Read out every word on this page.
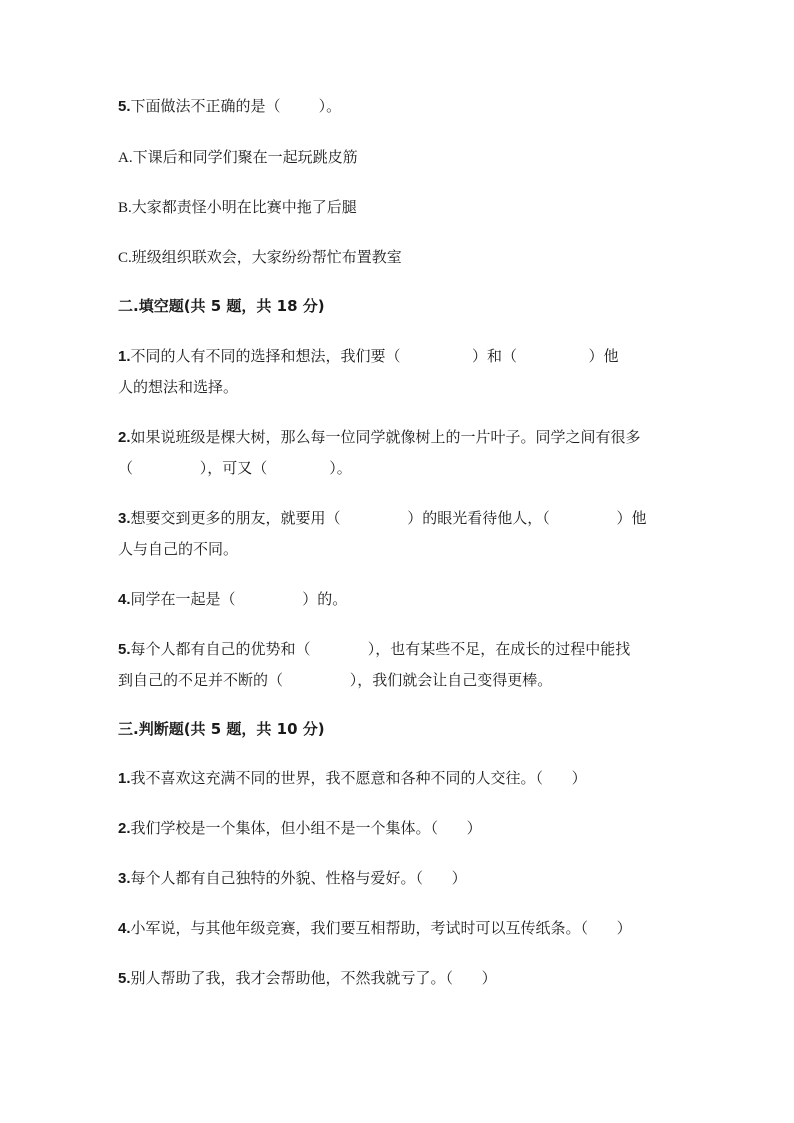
5.下面做法不正确的是（        ）。
A.下课后和同学们聚在一起玩跳皮筋
B.大家都责怪小明在比赛中拖了后腿
C.班级组织联欢会，大家纷纷帮忙布置教室
二.填空题(共 5 题，共 18 分)
1.不同的人有不同的选择和想法，我们要（               ）和（               ）他
人的想法和选择。
2.如果说班级是棵大树，那么每一位同学就像树上的一片叶子。同学之间有很多
（              ），可又（             ）。
3.想要交到更多的朋友，就要用（              ）的眼光看待他人，（              ）他
人与自己的不同。
4.同学在一起是（              ）的。
5.每个人都有自己的优势和（            ），也有某些不足，在成长的过程中能找
到自己的不足并不断的（              ），我们就会让自己变得更棒。
三.判断题(共 5 题，共 10 分)
1.我不喜欢这充满不同的世界，我不愿意和各种不同的人交往。（      ）
2.我们学校是一个集体，但小组不是一个集体。（      ）
3.每个人都有自己独特的外貌、性格与爱好。（      ）
4.小军说，与其他年级竞赛，我们要互相帮助，考试时可以互传纸条。（      ）
5.别人帮助了我，我才会帮助他，不然我就亏了。（      ）
